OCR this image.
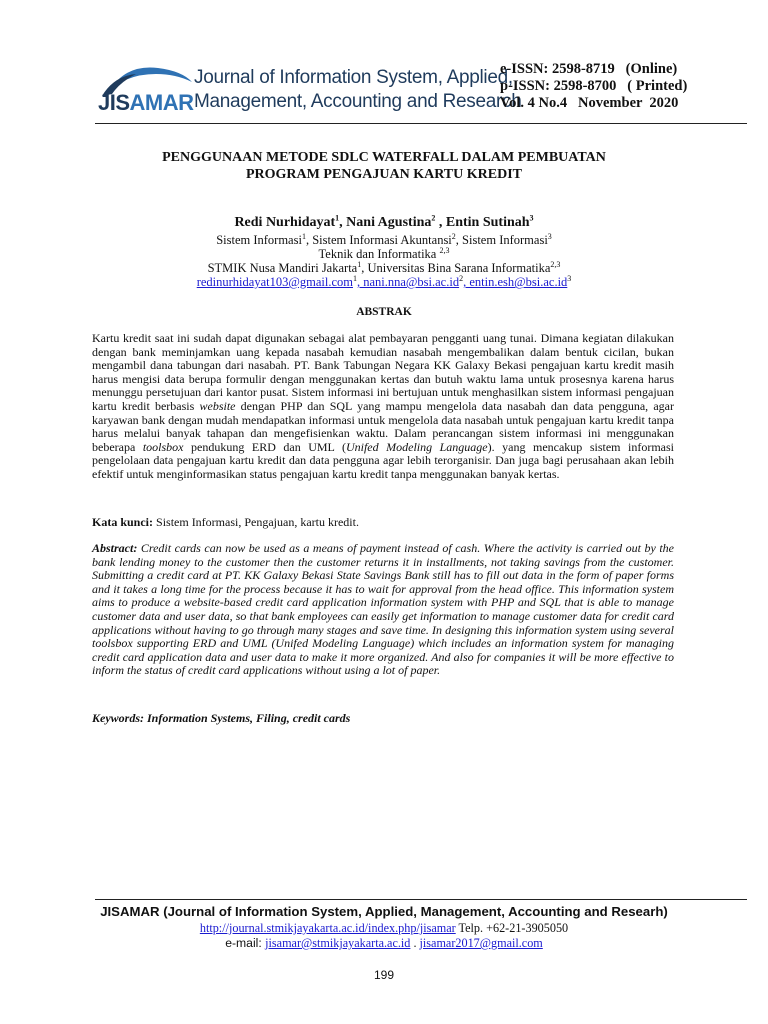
JISAMAR
Journal of Information System, Applied,
Management, Accounting and Research
e-ISSN: 2598-8719   (Online)
p-ISSN: 2598-8700   ( Printed)
Vol. 4 No.4   November  2020
PENGGUNAAN METODE SDLC WATERFALL DALAM PEMBUATAN
PROGRAM PENGAJUAN KARTU KREDIT
Redi Nurhidayat$^1$, Nani Agustina$^2$ , Entin Sutinah$^3$
Sistem Informasi$^1$, Sistem Informasi Akuntansi$^2$, Sistem Informasi$^3$
Teknik dan Informatika $^{2,3}$
STMIK Nusa Mandiri Jakarta$^1$, Universitas Bina Sarana Informatika$^{2,3}$
redinurhidayat103@gmail.com$^1$, $nani.nna@bsi.ac.id^2$, $entin.esh@bsi.ac.id^3$
ABSTRAK
Kartu kredit saat ini sudah dapat digunakan sebagai alat pembayaran pengganti uang tunai. Dimana kegiatan dilakukan dengan bank meminjamkan uang kepada nasabah kemudian nasabah mengembalikan dalam bentuk cicilan, bukan mengambil dana tabungan dari nasabah. PT. Bank Tabungan Negara KK Galaxy Bekasi pengajuan kartu kredit masih harus mengisi data berupa formulir dengan menggunakan kertas dan butuh waktu lama untuk prosesnya karena harus menunggu persetujuan dari kantor pusat. Sistem informasi ini bertujuan untuk menghasilkan sistem informasi pengajuan kartu kredit berbasis website dengan PHP dan SQL yang mampu mengelola data nasabah dan data pengguna, agar karyawan bank dengan mudah mendapatkan informasi untuk mengelola data nasabah untuk pengajuan kartu kredit tanpa harus melalui banyak tahapan dan mengefisienkan waktu. Dalam perancangan sistem informasi ini menggunakan beberapa toolsbox pendukung ERD dan UML (Unifed Modeling Language). yang mencakup sistem informasi pengelolaan data pengajuan kartu kredit dan data pengguna agar lebih terorganisir. Dan juga bagi perusahaan akan lebih efektif untuk menginformasikan status pengajuan kartu kredit tanpa menggunakan banyak kertas.
Kata kunci: Sistem Informasi, Pengajuan, kartu kredit.
Abstract: Credit cards can now be used as a means of payment instead of cash. Where the activity is carried out by the bank lending money to the customer then the customer returns it in installments, not taking savings from the customer. Submitting a credit card at PT. KK Galaxy Bekasi State Savings Bank still has to fill out data in the form of paper forms and it takes a long time for the process because it has to wait for approval from the head office. This information system aims to produce a website-based credit card application information system with PHP and SQL that is able to manage customer data and user data, so that bank employees can easily get information to manage customer data for credit card applications without having to go through many stages and save time. In designing this information system using several toolsbox supporting ERD and UML (Unifed Modeling Language) which includes an information system for managing credit card application data and user data to make it more organized. And also for companies it will be more effective to inform the status of credit card applications without using a lot of paper.
Keywords: Information Systems, Filing, credit cards
JISAMAR (Journal of Information System, Applied, Management, Accounting and Researh)
http://journal.stmikjayakarta.ac.id/index.php/jisamar Telp. +62-21-3905050
e-mail: jisamar@stmikjayakarta.ac.id . jisamar2017@gmail.com
199
